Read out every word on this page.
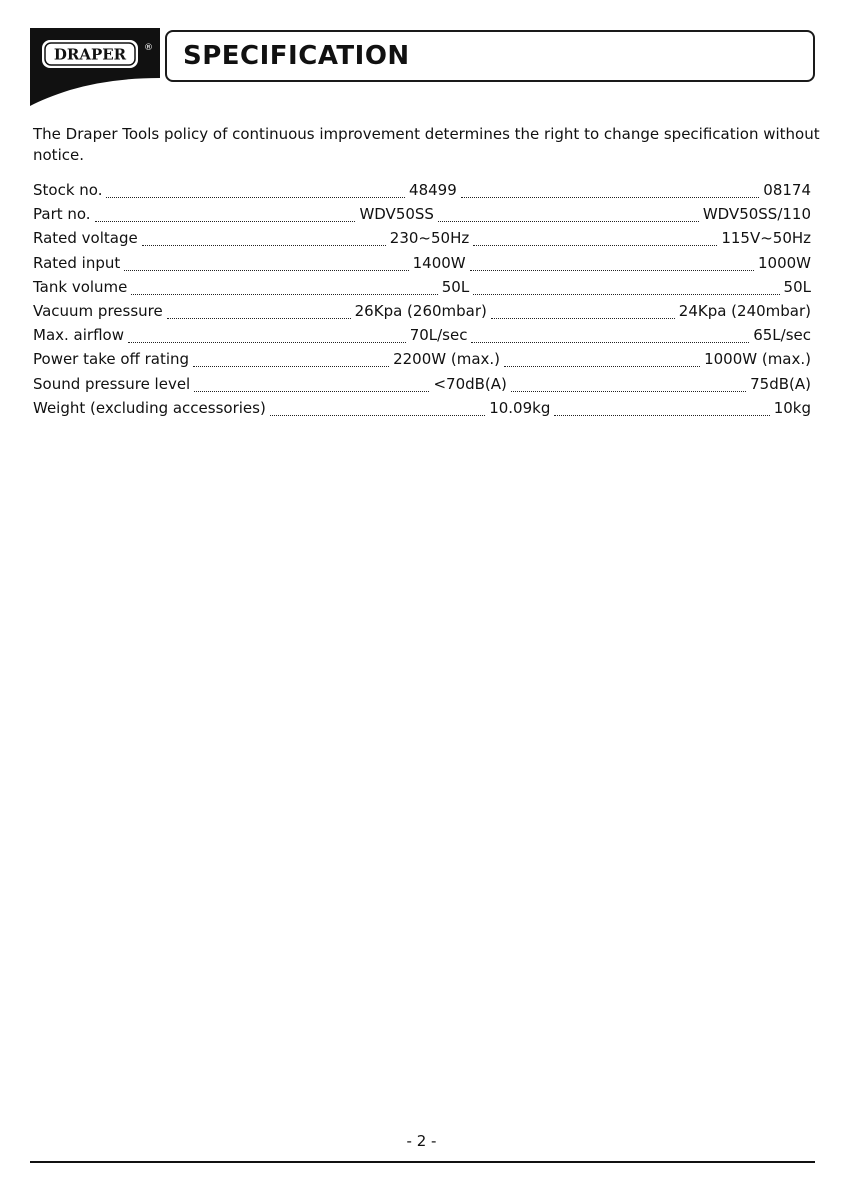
DRAPER ® SPECIFICATION
The Draper Tools policy of continuous improvement determines the right to change specification without notice.
Stock no.	48499	08174
Part no.	WDV50SS	WDV50SS/110
Rated voltage	230~50Hz	115V~50Hz
Rated input	1400W	1000W
Tank volume	50L	50L
Vacuum pressure	26Kpa (260mbar)	24Kpa (240mbar)
Max. airflow	70L/sec	65L/sec
Power take off rating	2200W (max.)	1000W (max.)
Sound pressure level	<70dB(A)	75dB(A)
Weight (excluding accessories)	10.09kg	10kg
- 2 -
